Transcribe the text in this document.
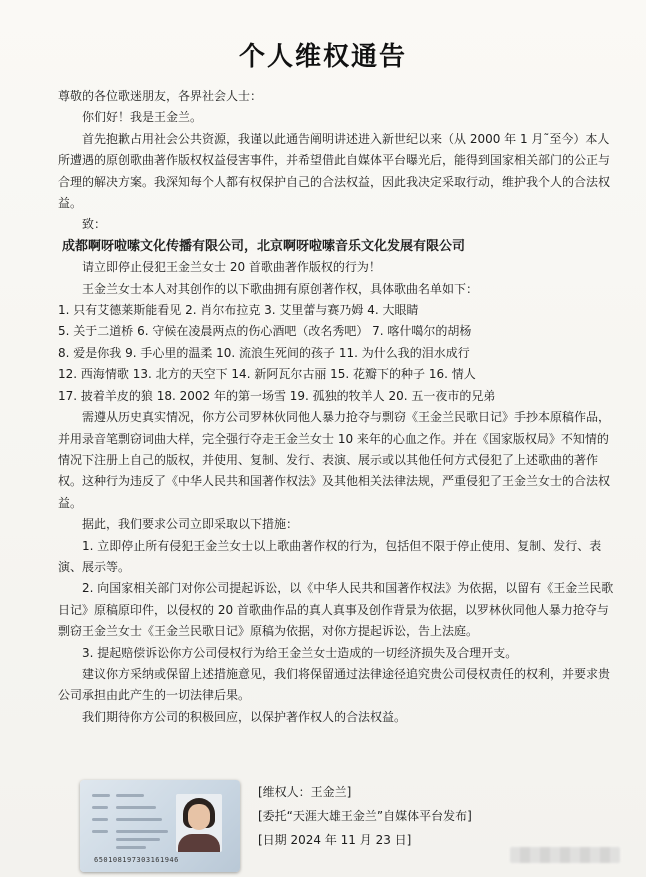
个人维权通告

尊敬的各位歌迷朋友，各界社会人士：

你们好！我是王金兰。

首先抱歉占用社会公共资源，我谨以此通告阐明讲述进入新世纪以来（从 2000 年 1 月˜至今）本人所遭遇的原创歌曲著作版权权益侵害事件，并希望借此自媒体平台曝光后，能得到国家相关部门的公正与合理的解决方案。我深知每个人都有权保护自己的合法权益，因此我决定采取行动，维护我个人的合法权益。

致：

成都啊呀啦嗦文化传播有限公司，北京啊呀啦嗦音乐文化发展有限公司

请立即停止侵犯王金兰女士 20 首歌曲著作版权的行为！

王金兰女士本人对其创作的以下歌曲拥有原创著作权，具体歌曲名单如下：

1. 只有艾德莱斯能看见 2. 肖尔布拉克 3. 艾里蕾与赛乃姆 4. 大眼睛

5. 关于二道桥 6. 守候在凌晨两点的伤心酒吧（改名秀吧） 7. 喀什噶尔的胡杨

8. 爱是你我 9. 手心里的温柔 10. 流浪生死间的孩子 11. 为什么我的泪水成行

12. 西海情歌 13. 北方的天空下 14. 新阿瓦尔古丽 15. 花瓣下的种子 16. 情人

17. 披着羊皮的狼 18. 2002 年的第一场雪 19. 孤独的牧羊人 20. 五一夜市的兄弟

需遵从历史真实情况，你方公司罗林伙同他人暴力抢夺与剽窃《王金兰民歌日记》手抄本原稿作品，并用录音笔剽窃词曲大样，完全强行夺走王金兰女士 10 来年的心血之作。并在《国家版权局》不知情的情况下注册上自己的版权，并使用、复制、发行、表演、展示或以其他任何方式侵犯了上述歌曲的著作权。这种行为违反了《中华人民共和国著作权法》及其他相关法律法规，严重侵犯了王金兰女士的合法权益。

据此，我们要求公司立即采取以下措施：

1. 立即停止所有侵犯王金兰女士以上歌曲著作权的行为，包括但不限于停止使用、复制、发行、表演、展示等。

2. 向国家相关部门对你公司提起诉讼，以《中华人民共和国著作权法》为依据，以留有《王金兰民歌日记》原稿原印件，以侵权的 20 首歌曲作品的真人真事及创作背景为依据，以罗林伙同他人暴力抢夺与剽窃王金兰女士《王金兰民歌日记》原稿为依据，对你方提起诉讼，告上法庭。

3. 提起赔偿诉讼你方公司侵权行为给王金兰女士造成的一切经济损失及合理开支。

建议你方采纳或保留上述措施意见，我们将保留通过法律途径追究贵公司侵权责任的权利，并要求贵公司承担由此产生的一切法律后果。

我们期待你方公司的积极回应，以保护著作权人的合法权益。

650108197303161946

[维权人：王金兰]

[委托“天涯大雄王金兰”自媒体平台发布]

[日期 2024 年 11 月 23 日]
